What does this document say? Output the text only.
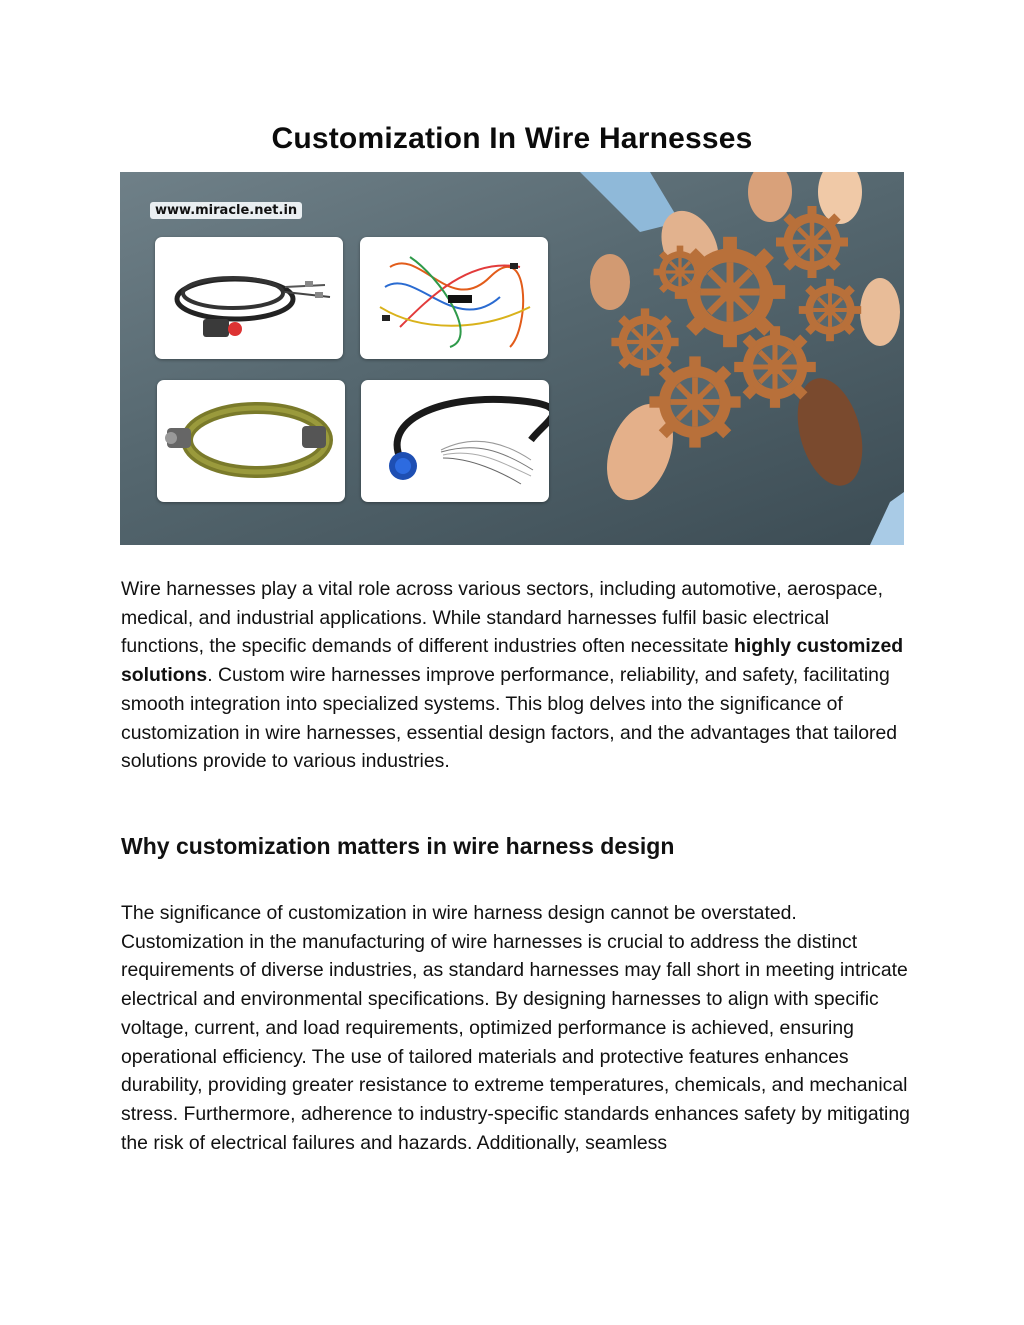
Customization In Wire Harnesses
www.miracle.net.in

Wire harnesses play a vital role across various sectors, including automotive, aerospace, medical, and industrial applications. While standard harnesses fulfil basic electrical functions, the specific demands of different industries often necessitate highly customized solutions. Custom wire harnesses improve performance, reliability, and safety, facilitating smooth integration into specialized systems. This blog delves into the significance of customization in wire harnesses, essential design factors, and the advantages that tailored solutions provide to various industries.

Why customization matters in wire harness design

The significance of customization in wire harness design cannot be overstated. Customization in the manufacturing of wire harnesses is crucial to address the distinct requirements of diverse industries, as standard harnesses may fall short in meeting intricate electrical and environmental specifications. By designing harnesses to align with specific voltage, current, and load requirements, optimized performance is achieved, ensuring operational efficiency. The use of tailored materials and protective features enhances durability, providing greater resistance to extreme temperatures, chemicals, and mechanical stress. Furthermore, adherence to industry-specific standards enhances safety by mitigating the risk of electrical failures and hazards. Additionally, seamless
